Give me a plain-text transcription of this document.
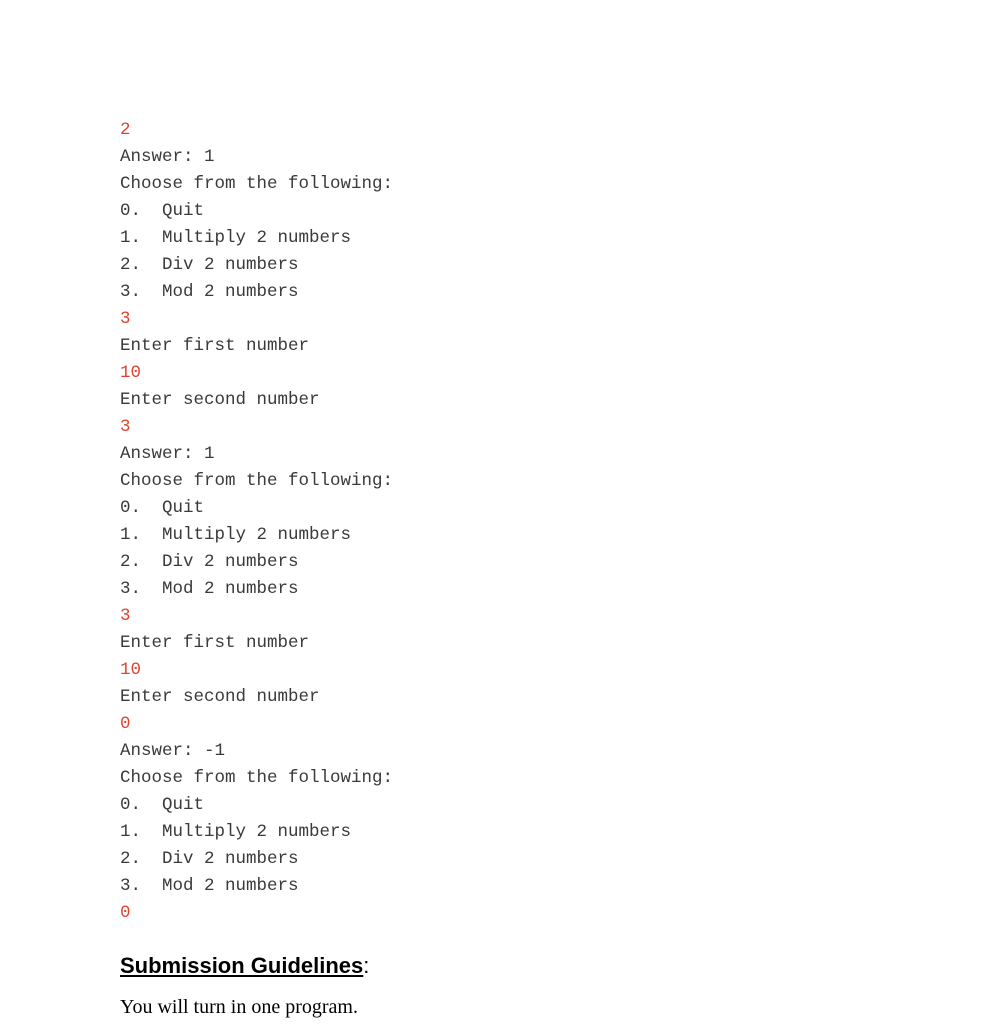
2
Answer: 1
Choose from the following:
0.  Quit
1.  Multiply 2 numbers
2.  Div 2 numbers
3.  Mod 2 numbers
3
Enter first number
10
Enter second number
3
Answer: 1
Choose from the following:
0.  Quit
1.  Multiply 2 numbers
2.  Div 2 numbers
3.  Mod 2 numbers
3
Enter first number
10
Enter second number
0
Answer: -1
Choose from the following:
0.  Quit
1.  Multiply 2 numbers
2.  Div 2 numbers
3.  Mod 2 numbers
0
Submission Guidelines:

You will turn in one program.
